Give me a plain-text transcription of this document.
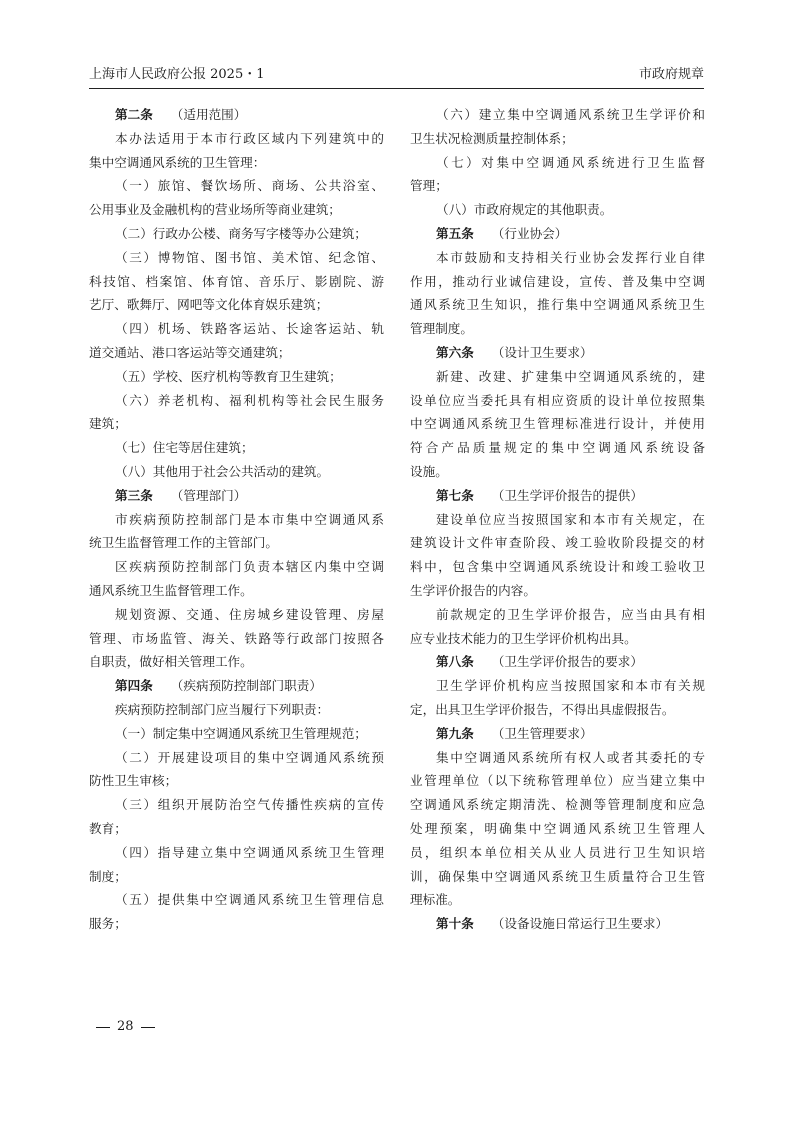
上海市人民政府公报 2025・1	市政府规章
第二条 （适用范围）
本办法适用于本市行政区域内下列建筑中的
集中空调通风系统的卫生管理：
（一）旅馆、餐饮场所、商场、公共浴室、
公用事业及金融机构的营业场所等商业建筑；
（二）行政办公楼、商务写字楼等办公建筑；
（三）博物馆、图书馆、美术馆、纪念馆、
科技馆、档案馆、体育馆、音乐厅、影剧院、游
艺厅、歌舞厅、网吧等文化体育娱乐建筑；
（四）机场、铁路客运站、长途客运站、轨
道交通站、港口客运站等交通建筑；
（五）学校、医疗机构等教育卫生建筑；
（六）养老机构、福利机构等社会民生服务
建筑；
（七）住宅等居住建筑；
（八）其他用于社会公共活动的建筑。
第三条 （管理部门）
市疾病预防控制部门是本市集中空调通风系
统卫生监督管理工作的主管部门。
区疾病预防控制部门负责本辖区内集中空调
通风系统卫生监督管理工作。
规划资源、交通、住房城乡建设管理、房屋
管理、市场监管、海关、铁路等行政部门按照各
自职责，做好相关管理工作。
第四条 （疾病预防控制部门职责）
疾病预防控制部门应当履行下列职责：
（一）制定集中空调通风系统卫生管理规范；
（二）开展建设项目的集中空调通风系统预
防性卫生审核；
（三）组织开展防治空气传播性疾病的宣传
教育；
（四）指导建立集中空调通风系统卫生管理
制度；
（五）提供集中空调通风系统卫生管理信息
服务；
（六）建立集中空调通风系统卫生学评价和
卫生状况检测质量控制体系；
（七）对集中空调通风系统进行卫生监督
管理；
（八）市政府规定的其他职责。
第五条 （行业协会）
本市鼓励和支持相关行业协会发挥行业自律
作用，推动行业诚信建设，宣传、普及集中空调
通风系统卫生知识，推行集中空调通风系统卫生
管理制度。
第六条 （设计卫生要求）
新建、改建、扩建集中空调通风系统的，建
设单位应当委托具有相应资质的设计单位按照集
中空调通风系统卫生管理标准进行设计，并使用
符合产品质量规定的集中空调通风系统设备
设施。
第七条 （卫生学评价报告的提供）
建设单位应当按照国家和本市有关规定，在
建筑设计文件审查阶段、竣工验收阶段提交的材
料中，包含集中空调通风系统设计和竣工验收卫
生学评价报告的内容。
前款规定的卫生学评价报告，应当由具有相
应专业技术能力的卫生学评价机构出具。
第八条 （卫生学评价报告的要求）
卫生学评价机构应当按照国家和本市有关规
定，出具卫生学评价报告，不得出具虚假报告。
第九条 （卫生管理要求）
集中空调通风系统所有权人或者其委托的专
业管理单位（以下统称管理单位）应当建立集中
空调通风系统定期清洗、检测等管理制度和应急
处理预案，明确集中空调通风系统卫生管理人
员，组织本单位相关从业人员进行卫生知识培
训，确保集中空调通风系统卫生质量符合卫生管
理标准。
第十条 （设备设施日常运行卫生要求）
28
